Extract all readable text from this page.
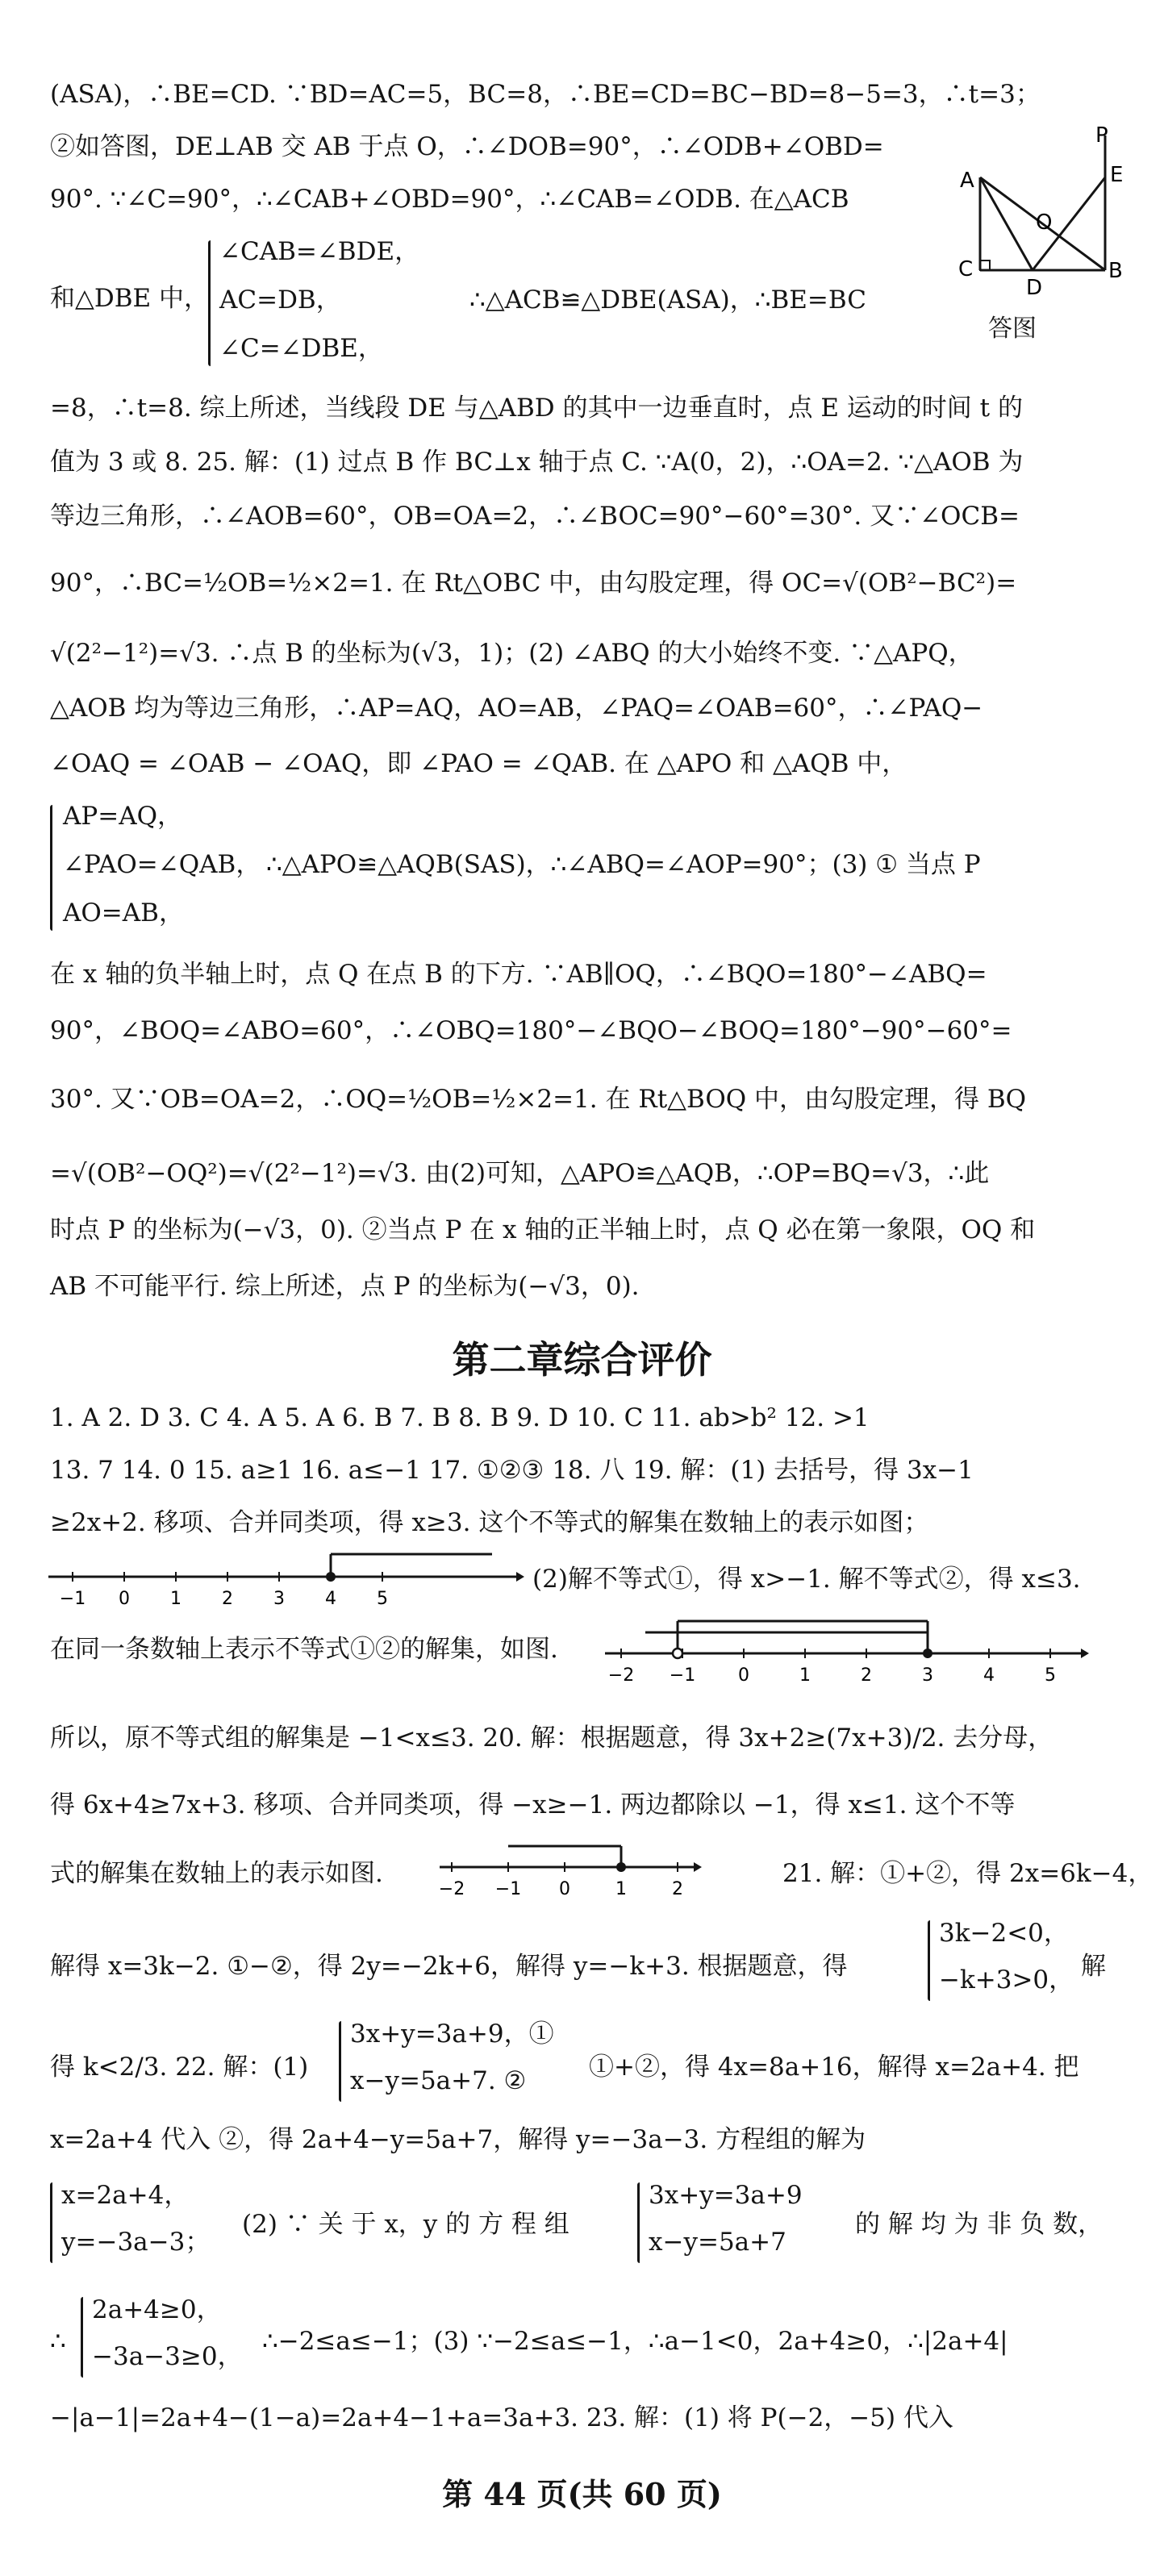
(ASA)，∴BE=CD. ∵BD=AC=5，BC=8，∴BE=CD=BC−BD=8−5=3，∴t=3；
②如答图，DE⊥AB 交 AB 于点 O，∴∠DOB=90°，∴∠ODB+∠OBD=
90°. ∵∠C=90°，∴∠CAB+∠OBD=90°，∴∠CAB=∠ODB. 在△ACB
和△DBE 中，
∠CAB=∠BDE，
AC=DB，
∠C=∠DBE，
∴△ACB≌△DBE(ASA)，∴BE=BC
P
E
A
O
C
D
B
答图
=8，∴t=8. 综上所述，当线段 DE 与△ABD 的其中一边垂直时，点 E 运动的时间 t 的
值为 3 或 8. 25. 解：(1) 过点 B 作 BC⊥x 轴于点 C. ∵A(0，2)，∴OA=2. ∵△AOB 为
等边三角形，∴∠AOB=60°，OB=OA=2，∴∠BOC=90°−60°=30°. 又∵∠OCB=
90°，∴BC=½OB=½×2=1. 在 Rt△OBC 中，由勾股定理，得 OC=√(OB²−BC²)=
√(2²−1²)=√3. ∴点 B 的坐标为(√3，1)；(2) ∠ABQ 的大小始终不变. ∵△APQ，
△AOB 均为等边三角形，∴AP=AQ，AO=AB，∠PAQ=∠OAB=60°，∴∠PAQ−
∠OAQ = ∠OAB − ∠OAQ，即 ∠PAO = ∠QAB. 在 △APO 和 △AQB 中，
AP=AQ，
∠PAO=∠QAB，
AO=AB，
∴△APO≌△AQB(SAS)，∴∠ABQ=∠AOP=90°；(3) ① 当点 P
在 x 轴的负半轴上时，点 Q 在点 B 的下方. ∵AB∥OQ，∴∠BQO=180°−∠ABQ=
90°，∠BOQ=∠ABO=60°，∴∠OBQ=180°−∠BQO−∠BOQ=180°−90°−60°=
30°. 又∵OB=OA=2，∴OQ=½OB=½×2=1. 在 Rt△BOQ 中，由勾股定理，得 BQ
=√(OB²−OQ²)=√(2²−1²)=√3. 由(2)可知，△APO≌△AQB，∴OP=BQ=√3，∴此
时点 P 的坐标为(−√3，0). ②当点 P 在 x 轴的正半轴上时，点 Q 必在第一象限，OQ 和
AB 不可能平行. 综上所述，点 P 的坐标为(−√3，0).
第二章综合评价
1. A 2. D 3. C 4. A 5. A 6. B 7. B 8. B 9. D 10. C 11. ab>b² 12. >1
13. 7 14. 0 15. a≥1 16. a≤−1 17. ①②③ 18. 八 19. 解：(1) 去括号，得 3x−1
≥2x+2. 移项、合并同类项，得 x≥3. 这个不等式的解集在数轴上的表示如图；
−1 0 1 2 3 4 5
(2)解不等式①，得 x>−1. 解不等式②，得 x≤3.
在同一条数轴上表示不等式①②的解集，如图.
−2 −1 0	1	2	3	4	5
所以，原不等式组的解集是 −1<x≤3. 20. 解：根据题意，得 3x+2≥(7x+3)/2. 去分母，
得 6x+4≥7x+3. 移项、合并同类项，得 −x≥−1. 两边都除以 −1，得 x≤1. 这个不等
式的解集在数轴上的表示如图.
−2 −1 0	1	2
21. 解：①+②，得 2x=6k−4，
解得 x=3k−2. ①−②，得 2y=−2k+6，解得 y=−k+3. 根据题意，得
3k−2<0，
−k+3>0， 解
得 k<2/3. 22. 解：(1)
3x+y=3a+9，①
x−y=5a+7. ②	①+②，得 4x=8a+16，解得 x=2a+4. 把
x=2a+4 代入 ②，得 2a+4−y=5a+7，解得 y=−3a−3. 方程组的解为
x=2a+4，
y=−3a−3；
(2) ∵ 关 于 x，y 的 方 程 组
3x+y=3a+9
x−y=5a+7
的 解 均 为 非 负 数，
∴
2a+4≥0，
−3a−3≥0，
∴−2≤a≤−1；(3) ∵−2≤a≤−1，∴a−1<0，2a+4≥0，∴|2a+4|
−|a−1|=2a+4−(1−a)=2a+4−1+a=3a+3. 23. 解：(1) 将 P(−2，−5) 代入
第 44 页(共 60 页)
